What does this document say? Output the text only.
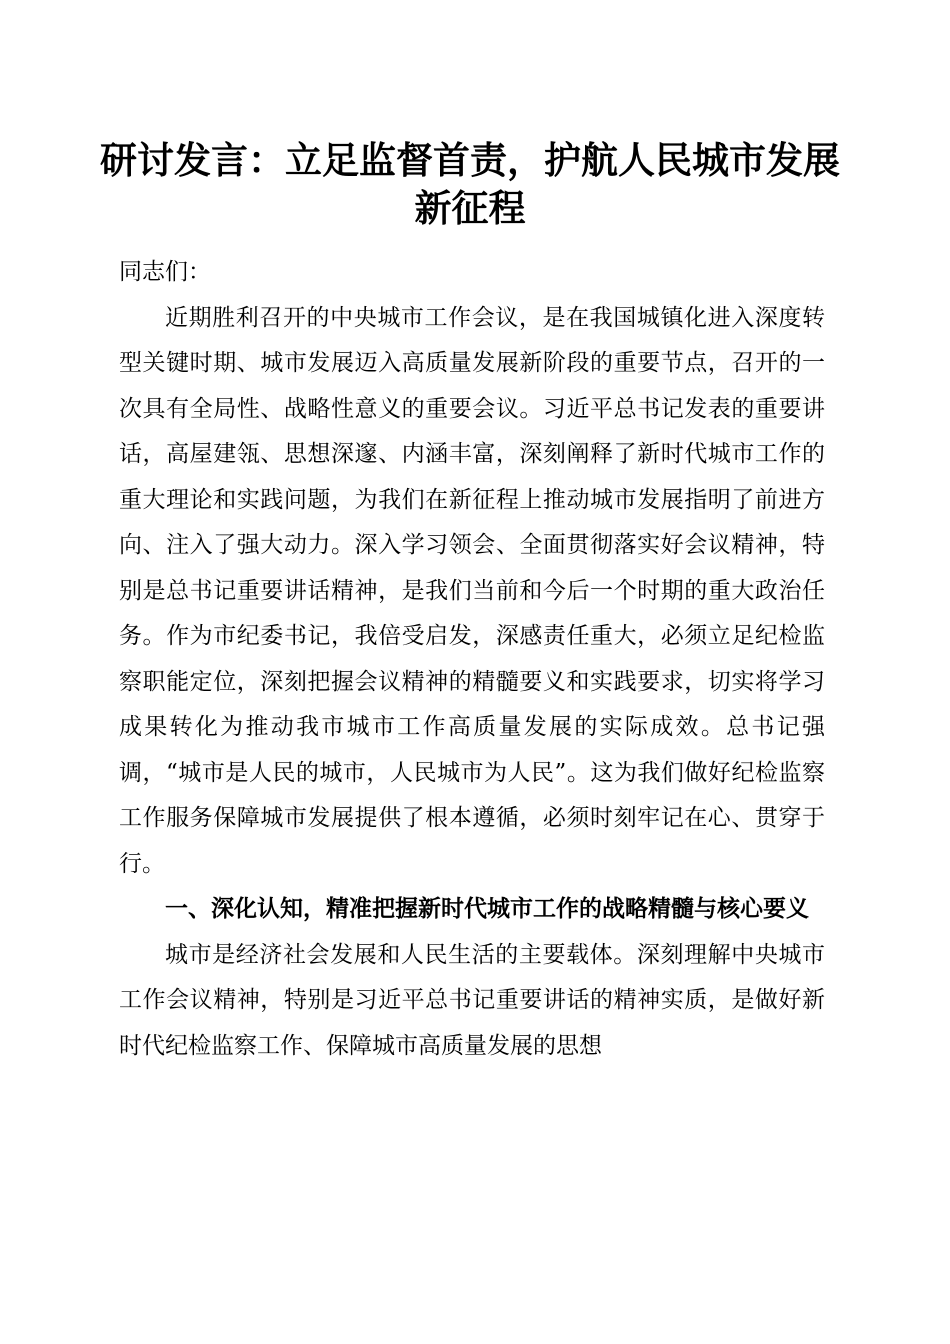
研讨发言：立足监督首责，护航人民城市发展新征程

同志们：

近期胜利召开的中央城市工作会议，是在我国城镇化进入深度转型关键时期、城市发展迈入高质量发展新阶段的重要节点，召开的一次具有全局性、战略性意义的重要会议。习近平总书记发表的重要讲话，高屋建瓴、思想深邃、内涵丰富，深刻阐释了新时代城市工作的重大理论和实践问题，为我们在新征程上推动城市发展指明了前进方向、注入了强大动力。深入学习领会、全面贯彻落实好会议精神，特别是总书记重要讲话精神，是我们当前和今后一个时期的重大政治任务。作为市纪委书记，我倍受启发，深感责任重大，必须立足纪检监察职能定位，深刻把握会议精神的精髓要义和实践要求，切实将学习成果转化为推动我市城市工作高质量发展的实际成效。总书记强调，“城市是人民的城市，人民城市为人民”。这为我们做好纪检监察工作服务保障城市发展提供了根本遵循，必须时刻牢记在心、贯穿于行。

一、深化认知，精准把握新时代城市工作的战略精髓与核心要义

城市是经济社会发展和人民生活的主要载体。深刻理解中央城市工作会议精神，特别是习近平总书记重要讲话的精神实质，是做好新时代纪检监察工作、保障城市高质量发展的思想
